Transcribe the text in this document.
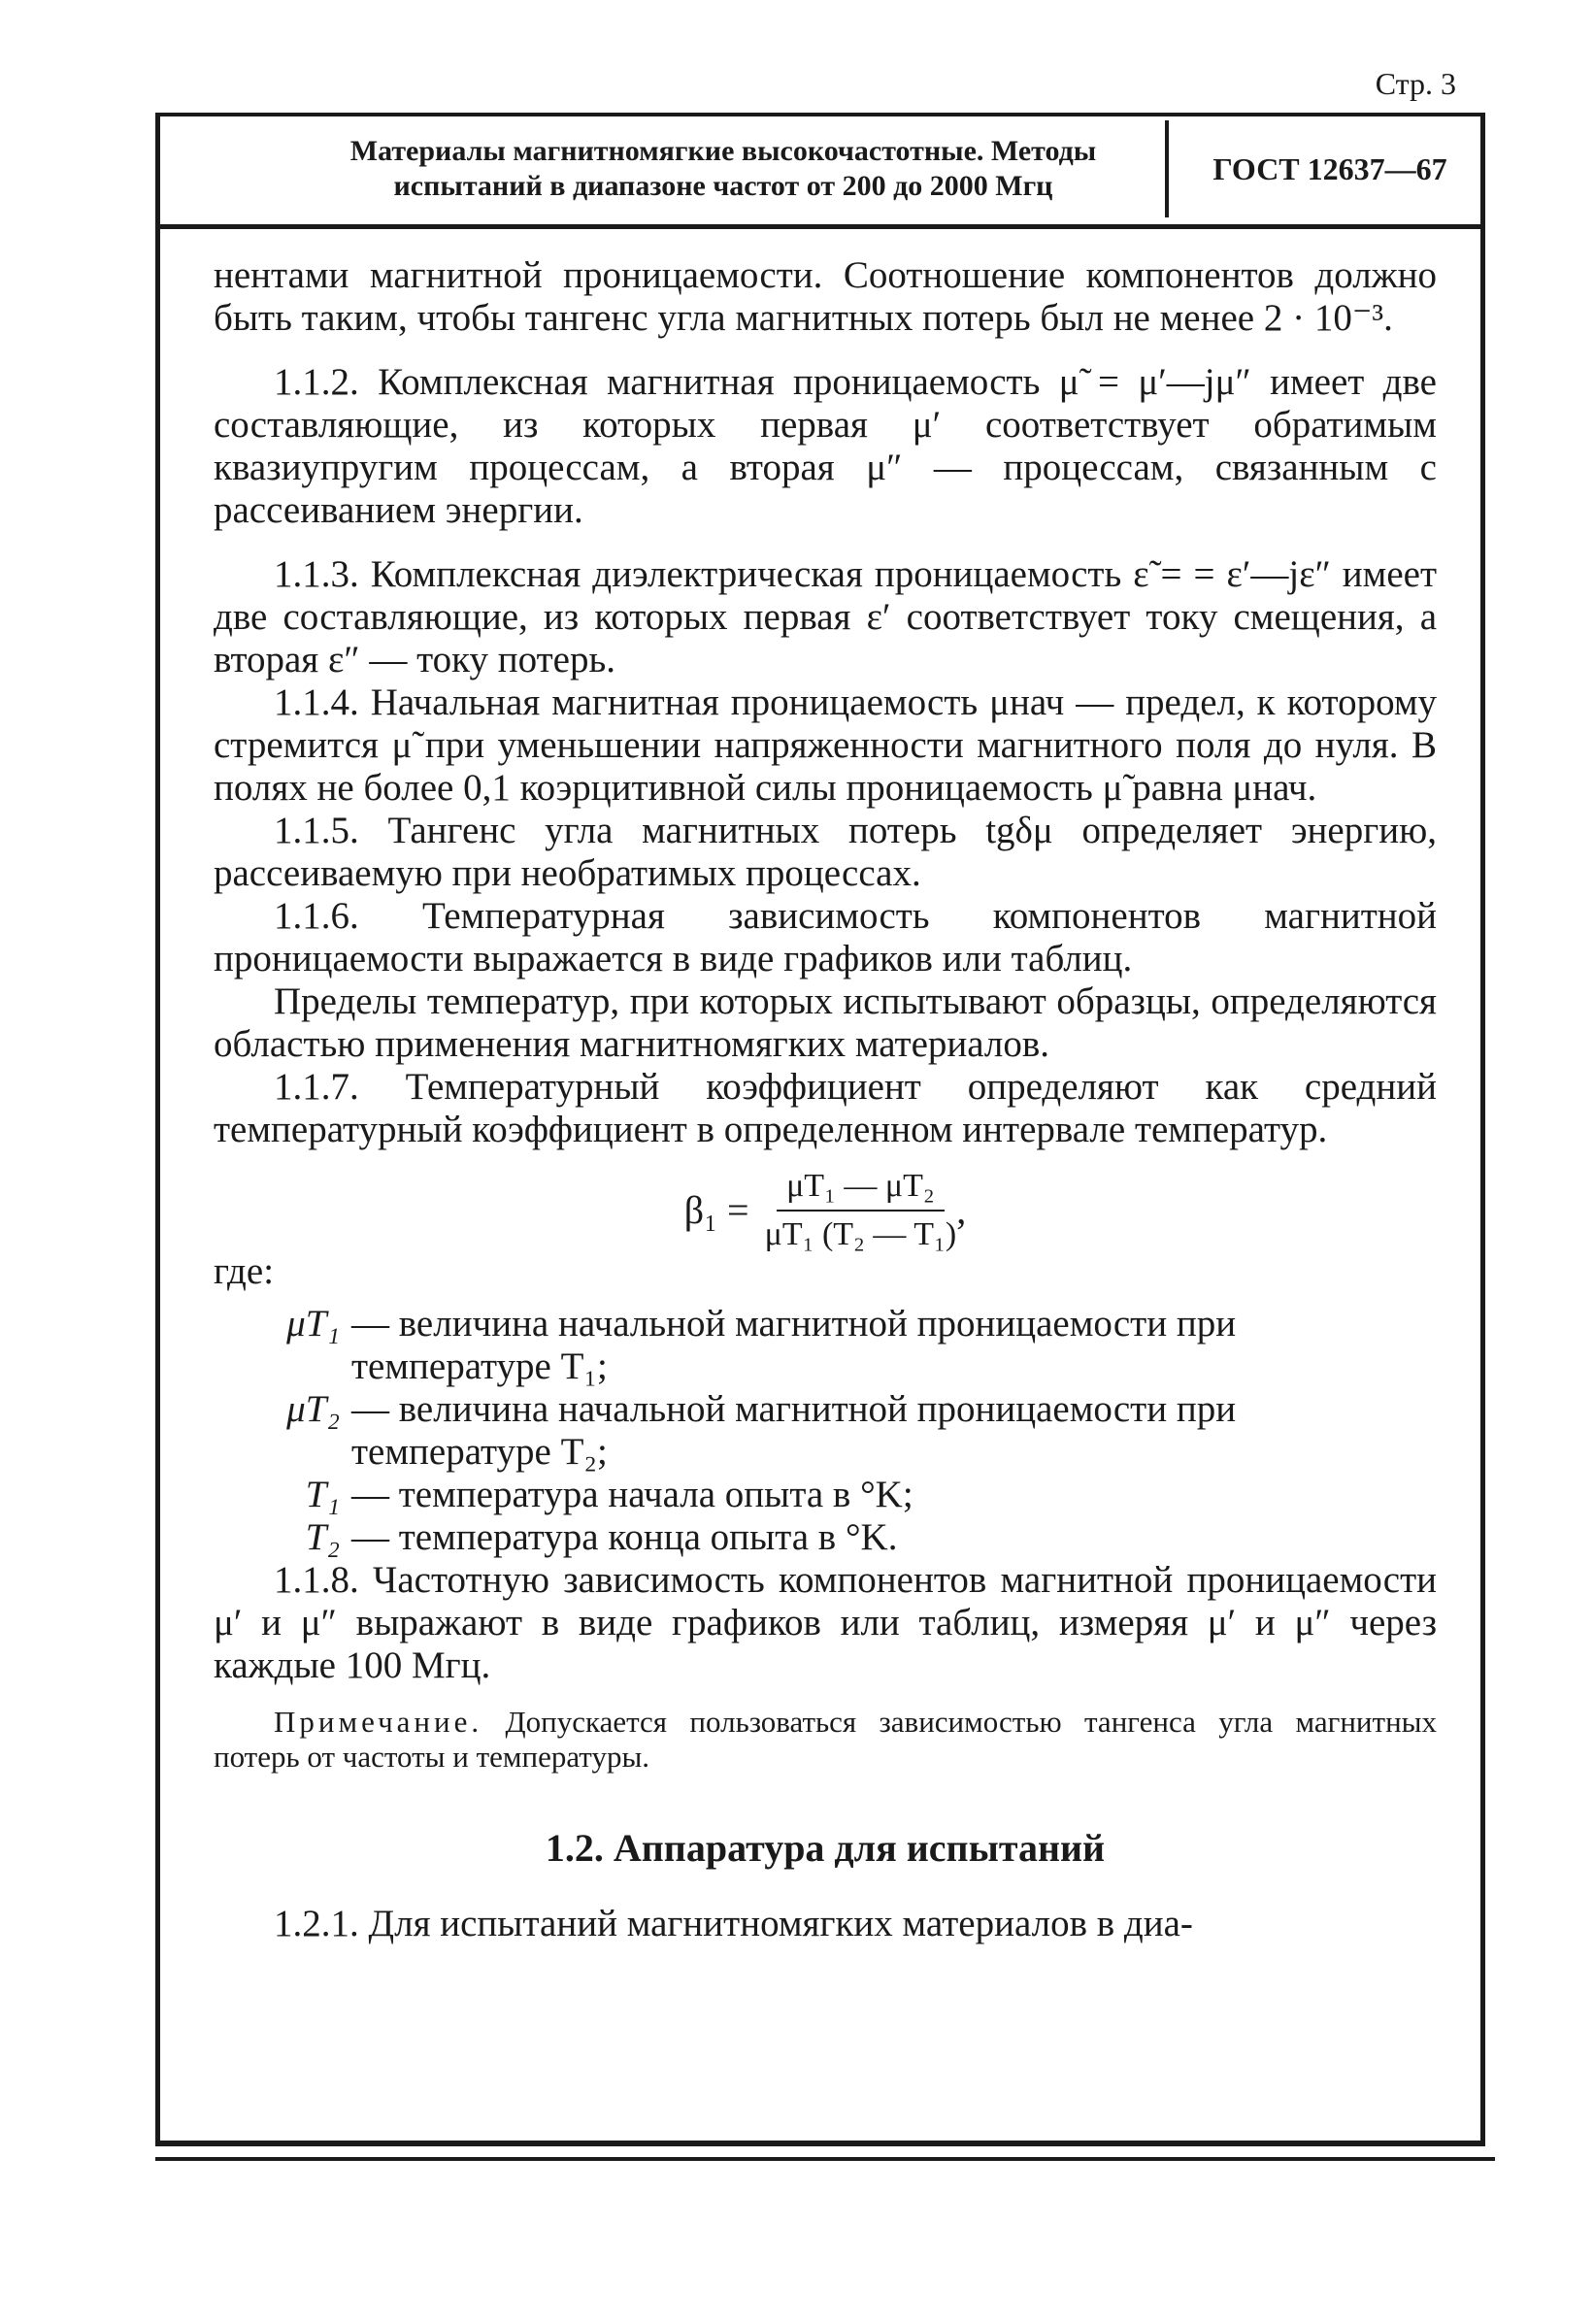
Стр. 3
Материалы магнитномягкие высокочастотные. Методы
испытаний в диапазоне частот от 200 до 2000 Мгц	ГОСТ 12637—67

нентами магнитной проницаемости. Соотношение компонентов должно быть таким, чтобы тангенс угла магнитных потерь был не менее 2 · 10⁻³.

1.1.2. Комплексная магнитная проницаемость μ̃ = μ′—jμ″ имеет две составляющие, из которых первая μ′ соответствует обратимым квазиупругим процессам, а вторая μ″ — процессам, связанным с рассеиванием энергии.

1.1.3. Комплексная диэлектрическая проницаемость ε̃ = = ε′—jε″ имеет две составляющие, из которых первая ε′ соответствует току смещения, а вторая ε″ — току потерь.

1.1.4. Начальная магнитная проницаемость μнач — предел, к которому стремится μ̃ при уменьшении напряженности магнитного поля до нуля. В полях не более 0,1 коэрцитивной силы проницаемость μ̃ равна μнач.

1.1.5. Тангенс угла магнитных потерь tgδμ определяет энергию, рассеиваемую при необратимых процессах.

1.1.6. Температурная зависимость компонентов магнитной проницаемости выражается в виде графиков или таблиц.

Пределы температур, при которых испытывают образцы, определяются областью применения магнитномягких материалов.

1.1.7. Температурный коэффициент определяют как средний температурный коэффициент в определенном интервале температур.

$\beta_1 = \frac{\text{μT₁ — μT₂}}{\text{μT₁ (T₂ — T₁)}}$ ,
где:
μT₁ — величина начальной магнитной проницаемости при температуре T₁;
μT₂ — величина начальной магнитной проницаемости при температуре T₂;
T₁ — температура начала опыта в °K;
T₂ — температура конца опыта в °K.

1.1.8. Частотную зависимость компонентов магнитной проницаемости μ′ и μ″ выражают в виде графиков или таблиц, измеряя μ′ и μ″ через каждые 100 Мгц.

Примечание. Допускается пользоваться зависимостью тангенса угла магнитных потерь от частоты и температуры.

1.2. Аппаратура для испытаний

1.2.1. Для испытаний магнитномягких материалов в диа-
